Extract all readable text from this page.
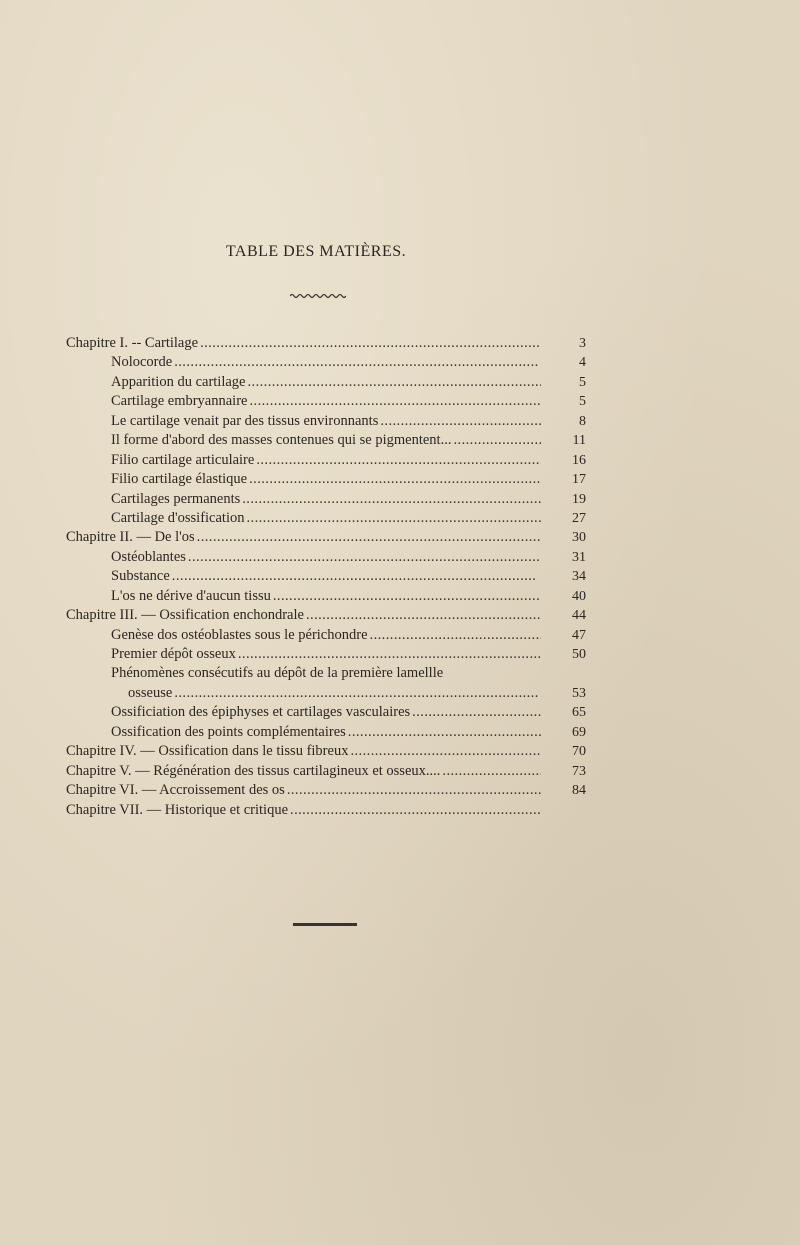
TABLE DES MATIÈRES.
Chapitre I. -- Cartilage . . .	3
Nolocorde . . .	4
Apparition du cartilage . . .	5
Cartilage embryannaire . . .	5
Le cartilage venait par des tissus environnants . . .	8
Il forme d'abord des masses contenues qui se pigmentent... . . .	11
Filio cartilage articulaire . . .	16
Filio cartilage élastique . . .	17
Cartilages permanents . . .	19
Cartilage d'ossification . . .	27
Chapitre II. — De l'os . . .	30
Ostéoblantes . . .	31
Substance . . .	34
L'os ne dérive d'aucun tissu . . .	40
Chapitre III. — Ossification enchondrale . . .	44
Genèse dos ostéoblastes sous le périchondre . . .	47
Premier dépôt osseux . . .	50
Phénomènes consécutifs au dépôt de la première lamellle
osseuse . . .	53
Ossificiation des épiphyses et cartilages vasculaires . . .	65
Ossification des points complémentaires . . .	69
Chapitre IV. — Ossification dans le tissu fibreux . . .	70
Chapitre V. — Régénération des tissus cartilagineux et osseux.... . . .	73
Chapitre VI. — Accroissement des os . . .	84
Chapitre VII. — Historique et critique
. . .
